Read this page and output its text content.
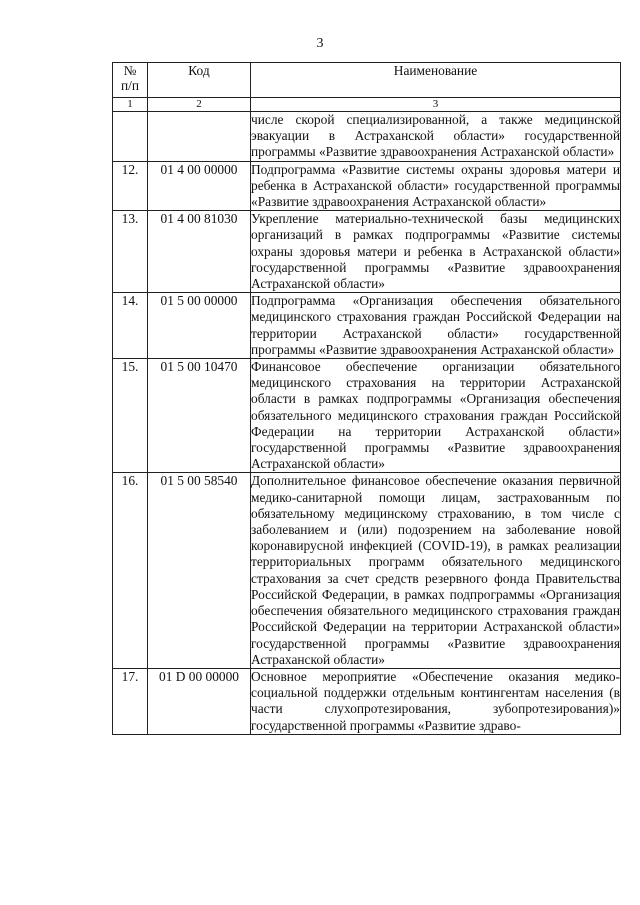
3
№
п/п	Код	Наименование
1	2	3
		числе скорой специализированной, а также медицинской эвакуации в Астраханской области» государственной программы «Развитие здравоохранения Астраханской области»
12.	01 4 00 00000	Подпрограмма «Развитие системы охраны здоровья матери и ребенка в Астраханской области» государственной программы «Развитие здравоохранения Астраханской области»
13.	01 4 00 81030	Укрепление материально-технической базы медицинских организаций в рамках подпрограммы «Развитие системы охраны здоровья матери и ребенка в Астраханской области» государственной программы «Развитие здравоохранения Астраханской области»
14.	01 5 00 00000	Подпрограмма «Организация обеспечения обязательного медицинского страхования граждан Российской Федерации на территории Астраханской области» государственной программы «Развитие здравоохранения Астраханской области»
15.	01 5 00 10470	Финансовое обеспечение организации обязательного медицинского страхования на территории Астраханской области в рамках подпрограммы «Организация обеспечения обязательного медицинского страхования граждан Российской Федерации на территории Астраханской области» государственной программы «Развитие здравоохранения Астраханской области»
16.	01 5 00 58540	Дополнительное финансовое обеспечение оказания первичной медико-санитарной помощи лицам, застрахованным по обязательному медицинскому страхованию, в том числе с заболеванием и (или) подозрением на заболевание новой коронавирусной инфекцией (COVID-19), в рамках реализации территориальных программ обязательного медицинского страхования за счет средств резервного фонда Правительства Российской Федерации, в рамках подпрограммы «Организация обеспечения обязательного медицинского страхования граждан Российской Федерации на территории Астраханской области» государственной программы «Развитие здравоохранения Астраханской области»
17.	01 D 00 00000	Основное мероприятие «Обеспечение оказания медико-социальной поддержки отдельным контингентам населения (в части слухопротезирования, зубопротезирования)» государственной программы «Развитие здраво-
